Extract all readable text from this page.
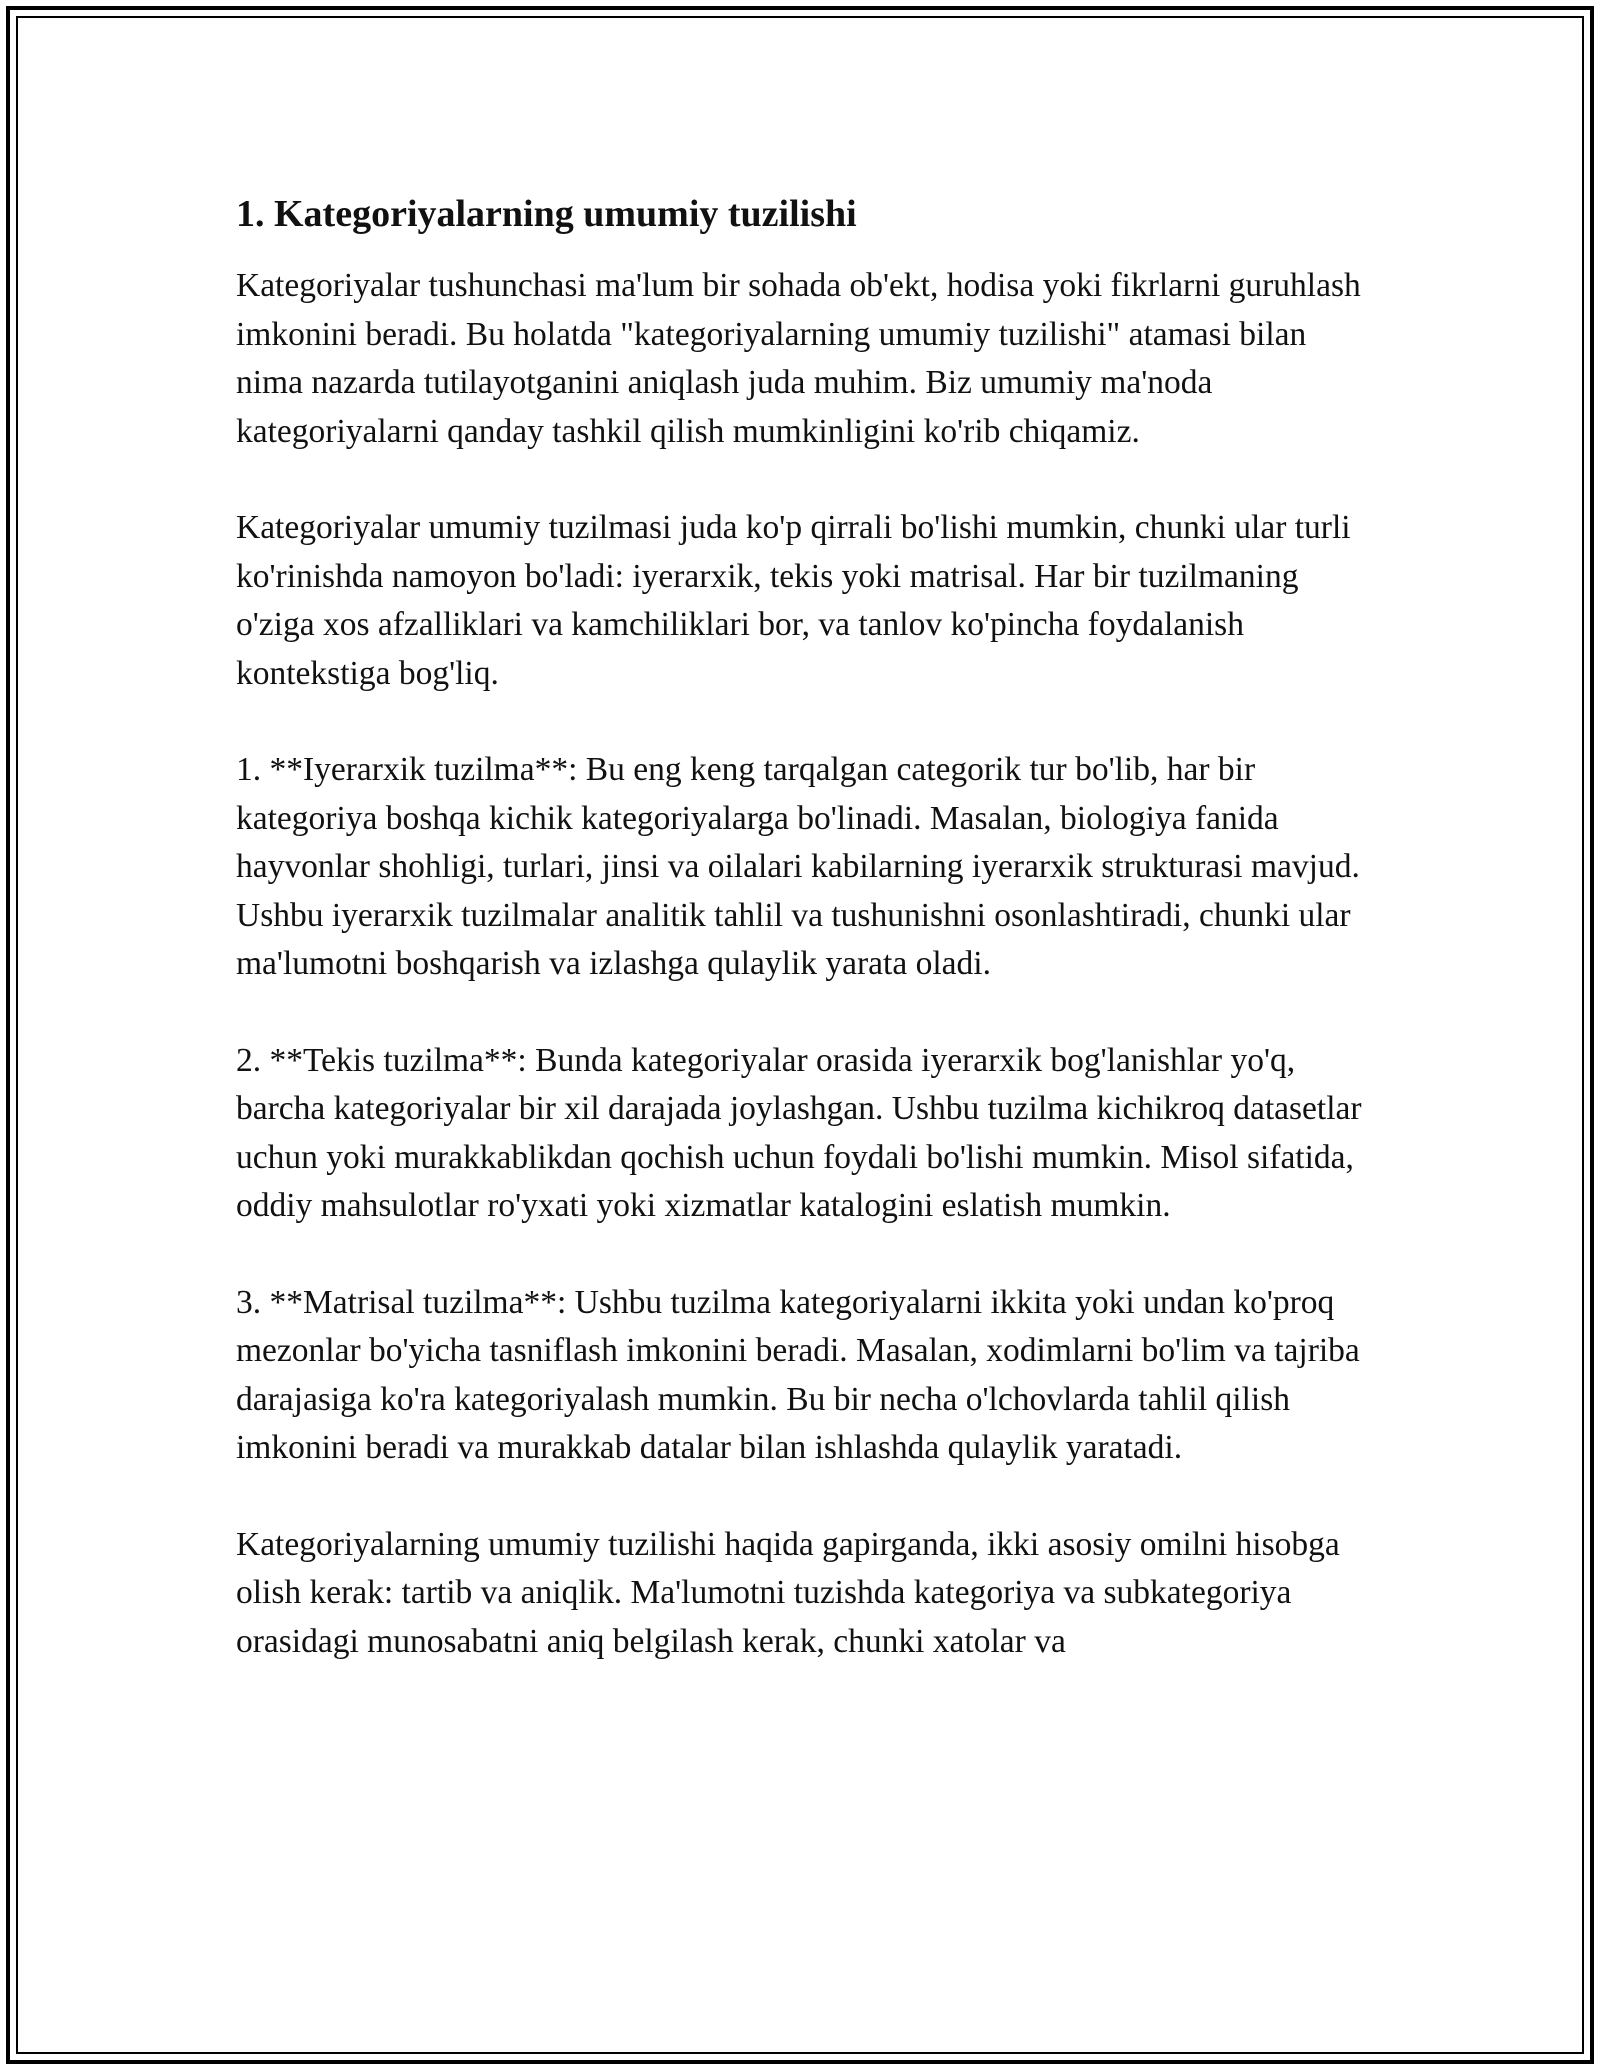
1. Kategoriyalarning umumiy tuzilishi

Kategoriyalar tushunchasi ma'lum bir sohada ob'ekt, hodisa yoki fikrlarni guruhlash imkonini beradi. Bu holatda "kategoriyalarning umumiy tuzilishi" atamasi bilan nima nazarda tutilayotganini aniqlash juda muhim. Biz umumiy ma'noda kategoriyalarni qanday tashkil qilish mumkinligini ko'rib chiqamiz.

Kategoriyalar umumiy tuzilmasi juda ko'p qirrali bo'lishi mumkin, chunki ular turli ko'rinishda namoyon bo'ladi: iyerarxik, tekis yoki matrisal. Har bir tuzilmaning o'ziga xos afzalliklari va kamchiliklari bor, va tanlov ko'pincha foydalanish kontekstiga bog'liq.

1. **Iyerarxik tuzilma**: Bu eng keng tarqalgan categorik tur bo'lib, har bir kategoriya boshqa kichik kategoriyalarga bo'linadi. Masalan, biologiya fanida hayvonlar shohligi, turlari, jinsi va oilalari kabilarning iyerarxik strukturasi mavjud. Ushbu iyerarxik tuzilmalar analitik tahlil va tushunishni osonlashtiradi, chunki ular ma'lumotni boshqarish va izlashga qulaylik yarata oladi.

2. **Tekis tuzilma**: Bunda kategoriyalar orasida iyerarxik bog'lanishlar yo'q, barcha kategoriyalar bir xil darajada joylashgan. Ushbu tuzilma kichikroq datasetlar uchun yoki murakkablikdan qochish uchun foydali bo'lishi mumkin. Misol sifatida, oddiy mahsulotlar ro'yxati yoki xizmatlar katalogini eslatish mumkin.

3. **Matrisal tuzilma**: Ushbu tuzilma kategoriyalarni ikkita yoki undan ko'proq mezonlar bo'yicha tasniflash imkonini beradi. Masalan, xodimlarni bo'lim va tajriba darajasiga ko'ra kategoriyalash mumkin. Bu bir necha o'lchovlarda tahlil qilish imkonini beradi va murakkab datalar bilan ishlashda qulaylik yaratadi.

Kategoriyalarning umumiy tuzilishi haqida gapirganda, ikki asosiy omilni hisobga olish kerak: tartib va aniqlik. Ma'lumotni tuzishda kategoriya va subkategoriya orasidagi munosabatni aniq belgilash kerak, chunki xatolar va
